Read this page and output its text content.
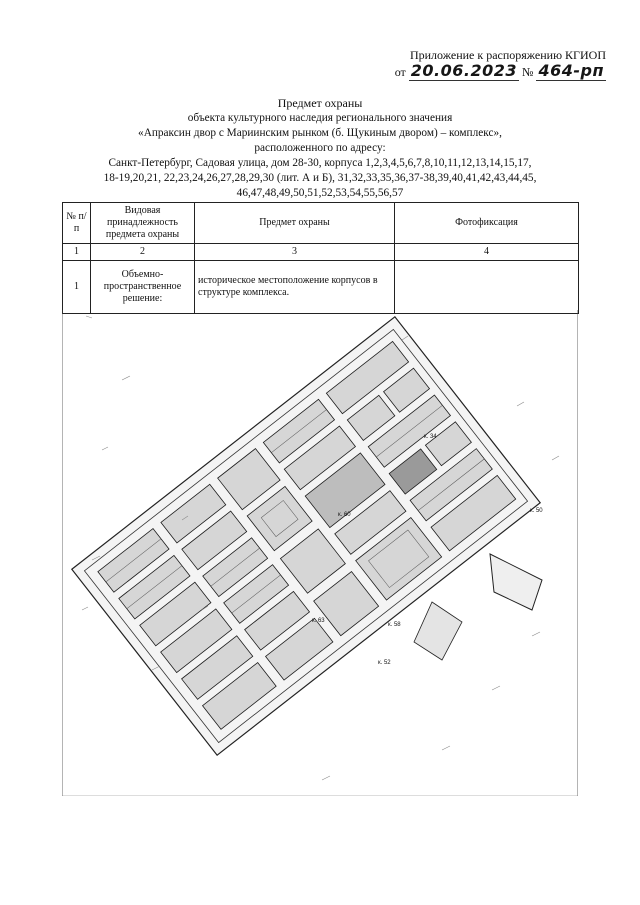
Приложение к распоряжению КГИОП
от 20.06.2023 № 464-рп
Предмет охраны
объекта культурного наследия регионального значения
«Апраксин двор с Мариинским рынком (б. Щукиным двором) – комплекс»,
расположенного по адресу:
Санкт-Петербург, Садовая улица, дом 28-30, корпуса 1,2,3,4,5,6,7,8,10,11,12,13,14,15,17,
18-19,20,21, 22,23,24,26,27,28,29,30 (лит. А и Б), 31,32,33,35,36,37-38,39,40,41,42,43,44,45,
46,47,48,49,50,51,52,53,54,55,56,57
№ п/п	Видовая принадлежность предмета охраны	Предмет охраны	Фотофиксация
1	2	3	4
1	Объемно-пространственное решение:	историческое местоположение корпусов в структуре комплекса.	
к. 34
к. 60
к. 50
к. 63
к. 58
к. 52
